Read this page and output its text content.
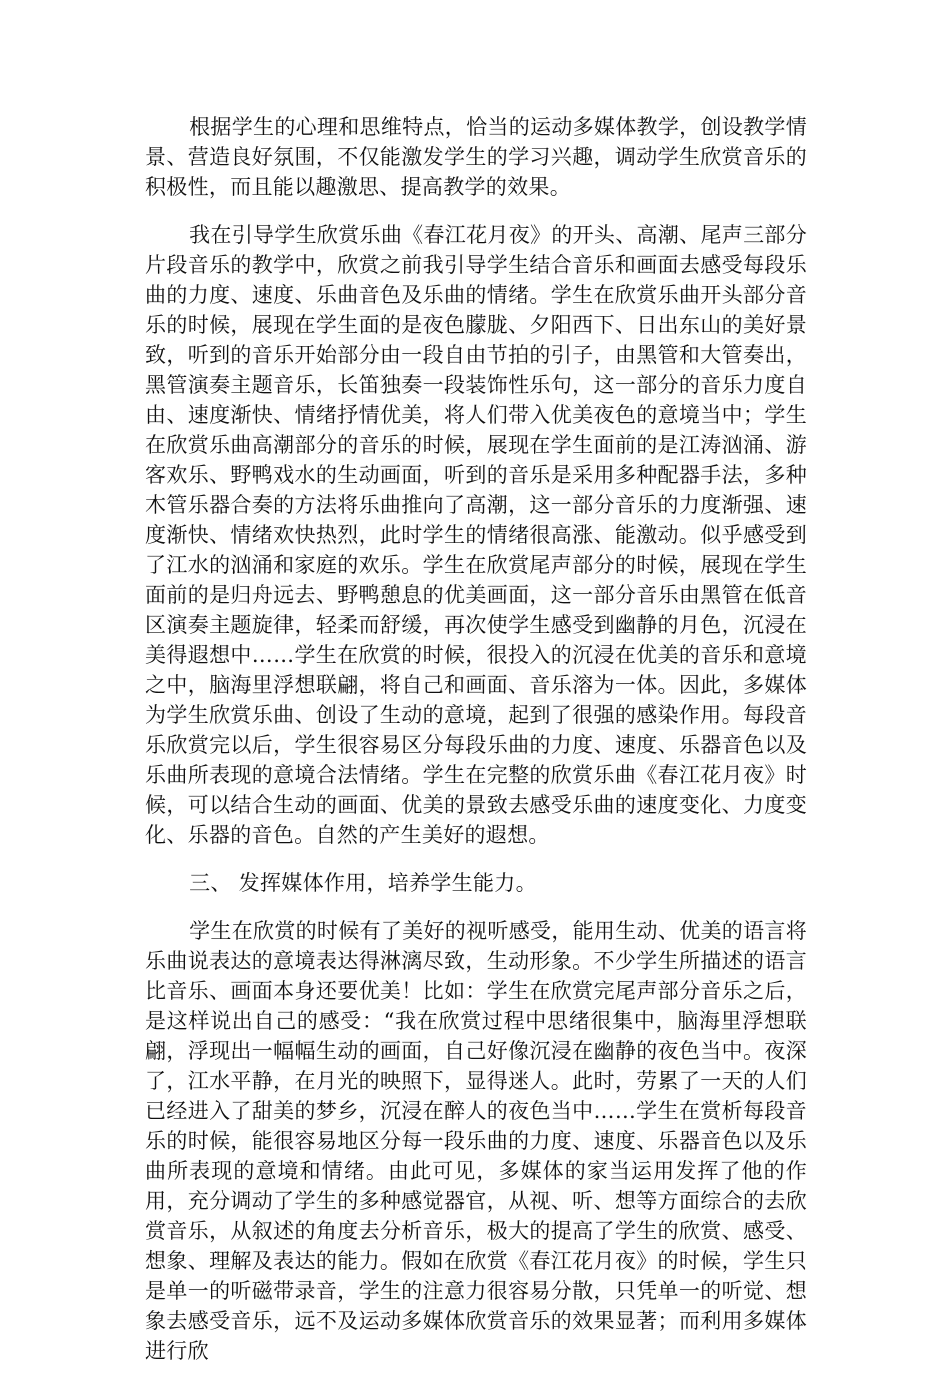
根据学生的心理和思维特点，恰当的运动多媒体教学，创设教学情景、营造良好氛围，不仅能激发学生的学习兴趣，调动学生欣赏音乐的积极性，而且能以趣激思、提高教学的效果。

我在引导学生欣赏乐曲《春江花月夜》的开头、高潮、尾声三部分片段音乐的教学中，欣赏之前我引导学生结合音乐和画面去感受每段乐曲的力度、速度、乐曲音色及乐曲的情绪。学生在欣赏乐曲开头部分音乐的时候，展现在学生面的是夜色朦胧、夕阳西下、日出东山的美好景致，听到的音乐开始部分由一段自由节拍的引子，由黑管和大管奏出，黑管演奏主题音乐，长笛独奏一段装饰性乐句，这一部分的音乐力度自由、速度渐快、情绪抒情优美，将人们带入优美夜色的意境当中；学生在欣赏乐曲高潮部分的音乐的时候，展现在学生面前的是江涛汹涌、游客欢乐、野鸭戏水的生动画面，听到的音乐是采用多种配器手法，多种木管乐器合奏的方法将乐曲推向了高潮，这一部分音乐的力度渐强、速度渐快、情绪欢快热烈，此时学生的情绪很高涨、能激动。似乎感受到了江水的汹涌和家庭的欢乐。学生在欣赏尾声部分的时候，展现在学生面前的是归舟远去、野鸭憩息的优美画面，这一部分音乐由黑管在低音区演奏主题旋律，轻柔而舒缓，再次使学生感受到幽静的月色，沉浸在美得遐想中……学生在欣赏的时候，很投入的沉浸在优美的音乐和意境之中，脑海里浮想联翩，将自己和画面、音乐溶为一体。因此，多媒体为学生欣赏乐曲、创设了生动的意境，起到了很强的感染作用。每段音乐欣赏完以后，学生很容易区分每段乐曲的力度、速度、乐器音色以及乐曲所表现的意境合法情绪。学生在完整的欣赏乐曲《春江花月夜》时候，可以结合生动的画面、优美的景致去感受乐曲的速度变化、力度变化、乐器的音色。自然的产生美好的遐想。

三、 发挥媒体作用，培养学生能力。

学生在欣赏的时候有了美好的视听感受，能用生动、优美的语言将乐曲说表达的意境表达得淋漓尽致，生动形象。不少学生所描述的语言比音乐、画面本身还要优美！比如：学生在欣赏完尾声部分音乐之后，是这样说出自己的感受：“我在欣赏过程中思绪很集中，脑海里浮想联翩，浮现出一幅幅生动的画面，自己好像沉浸在幽静的夜色当中。夜深了，江水平静，在月光的映照下，显得迷人。此时，劳累了一天的人们已经进入了甜美的梦乡，沉浸在醉人的夜色当中……学生在赏析每段音乐的时候，能很容易地区分每一段乐曲的力度、速度、乐器音色以及乐曲所表现的意境和情绪。由此可见，多媒体的家当运用发挥了他的作用，充分调动了学生的多种感觉器官，从视、听、想等方面综合的去欣赏音乐，从叙述的角度去分析音乐，极大的提高了学生的欣赏、感受、想象、理解及表达的能力。假如在欣赏《春江花月夜》的时候，学生只是单一的听磁带录音，学生的注意力很容易分散，只凭单一的听觉、想象去感受音乐，远不及运动多媒体欣赏音乐的效果显著；而利用多媒体进行欣
